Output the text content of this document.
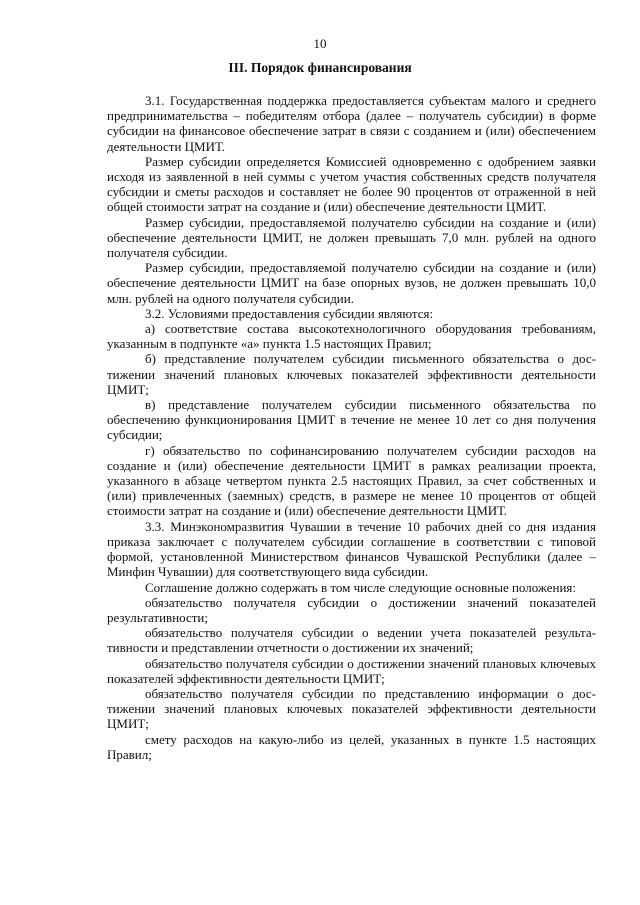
10
III. Порядок финансирования

3.1. Государственная поддержка предоставляется субъектам малого и среднего предпринимательства – победителям отбора (далее – получатель субсидии) в форме субсидии на финансовое обеспечение затрат в связи с созданием и (или) обеспечением деятельности ЦМИТ.

Размер субсидии определяется Комиссией одновременно с одобрением заявки исходя из заявленной в ней суммы с учетом участия собственных средств получателя субсидии и сметы расходов и составляет не более 90 процентов от отраженной в ней общей стоимости затрат на создание и (или) обеспечение деятельности ЦМИТ.

Размер субсидии, предоставляемой получателю субсидии на создание и (или) обеспечение деятельности ЦМИТ, не должен превышать 7,0 млн. рублей на одного получателя субсидии.

Размер субсидии, предоставляемой получателю субсидии на создание и (или) обеспечение деятельности ЦМИТ на базе опорных вузов, не должен превышать 10,0 млн. рублей на одного получателя субсидии.

3.2. Условиями предоставления субсидии являются:

а) соответствие состава высокотехнологичного оборудования требованиям, указанным в подпункте «а» пункта 1.5 настоящих Правил;

б) представление получателем субсидии письменного обязательства о достижении значений плановых ключевых показателей эффективности деятельности ЦМИТ;

в) представление получателем субсидии письменного обязательства по обеспечению функционирования ЦМИТ в течение не менее 10 лет со дня получения субсидии;

г) обязательство по софинансированию получателем субсидии расходов на создание и (или) обеспечение деятельности ЦМИТ в рамках реализации проекта, указанного в абзаце четвертом пункта 2.5 настоящих Правил, за счет собственных и (или) привлеченных (заемных) средств, в размере не менее 10 процентов от общей стоимости затрат на создание и (или) обеспечение деятельности ЦМИТ.

3.3. Минэкономразвития Чувашии в течение 10 рабочих дней со дня издания приказа заключает с получателем субсидии соглашение в соответствии с типовой формой, установленной Министерством финансов Чувашской Республики (далее – Минфин Чувашии) для соответствующего вида субсидии.

Соглашение должно содержать в том числе следующие основные положения:

обязательство получателя субсидии о достижении значений показателей результативности;

обязательство получателя субсидии о ведении учета показателей результативности и представлении отчетности о достижении их значений;

обязательство получателя субсидии о достижении значений плановых ключевых показателей эффективности деятельности ЦМИТ;

обязательство получателя субсидии по представлению информации о достижении значений плановых ключевых показателей эффективности деятельности ЦМИТ;

смету расходов на какую-либо из целей, указанных в пункте 1.5 настоящих Правил;
